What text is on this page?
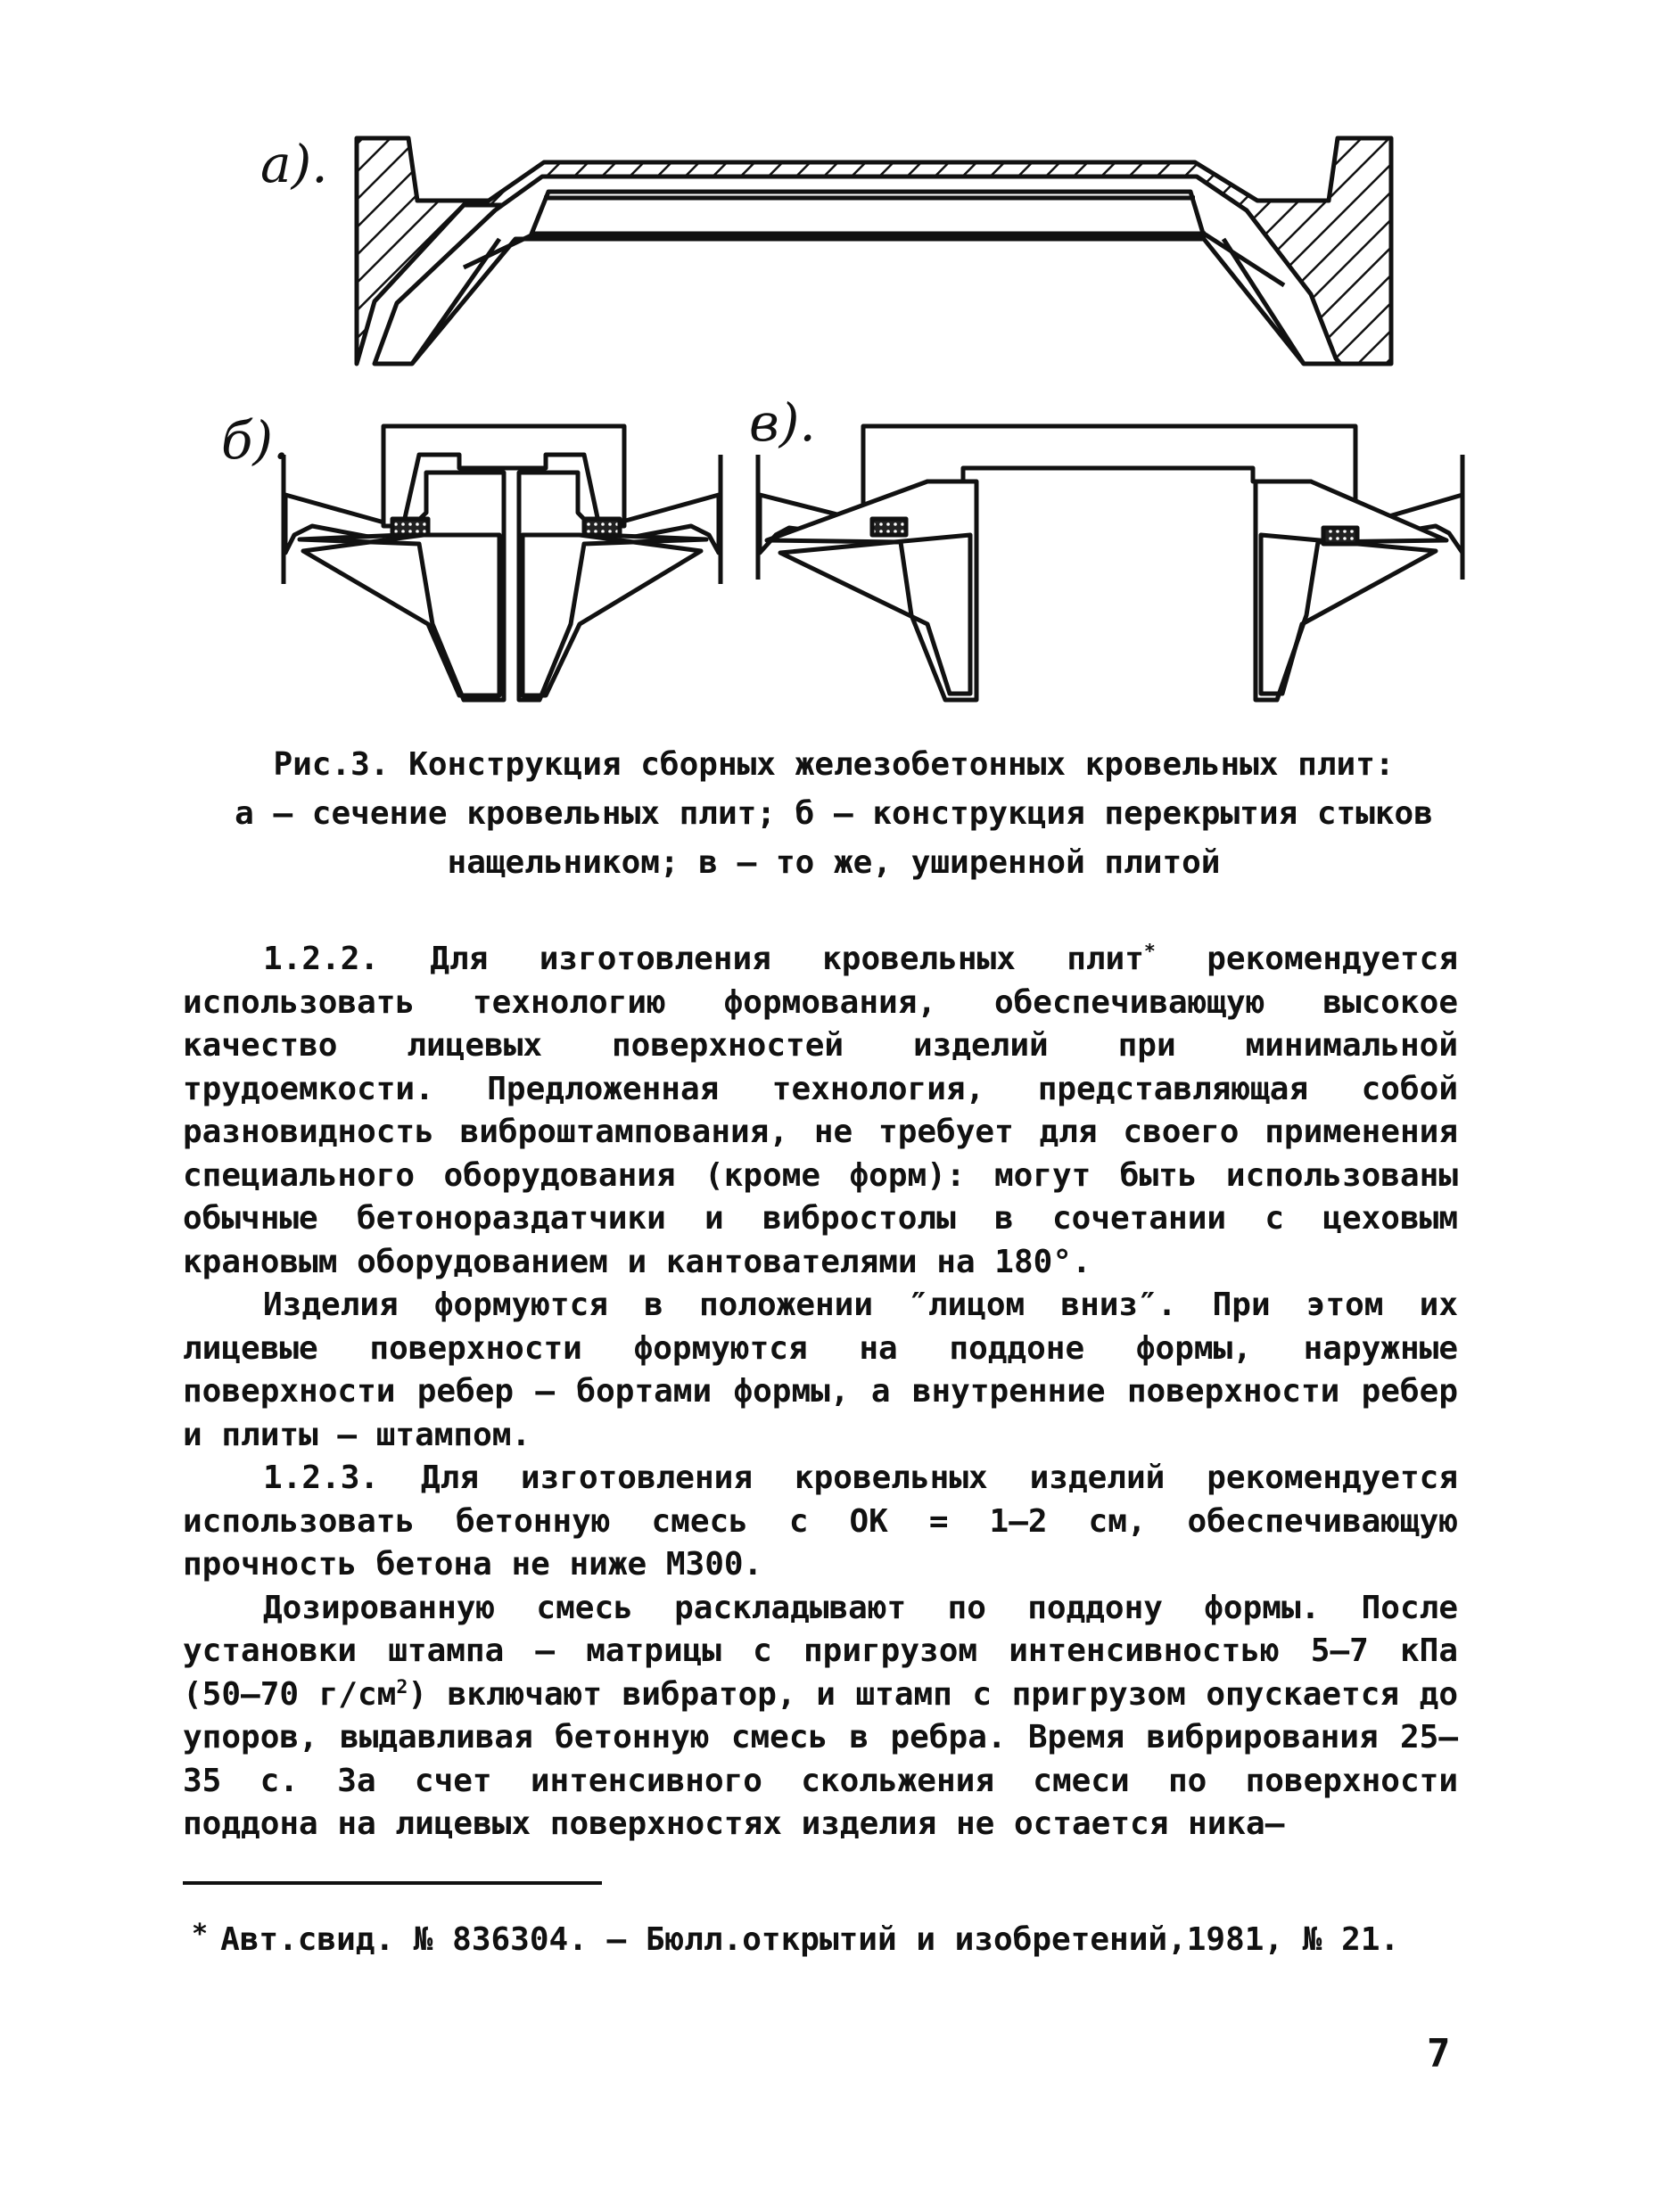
а).
б).	в).
Рис.3. Конструкция сборных железобетонных кровельных плит:
а – сечение кровельных плит; б – конструкция перекрытия стыков
нащельником; в – то же, уширенной плитой

1.2.2. Для изготовления кровельных плит* рекомендуется использовать технологию формования, обеспечивающую высокое качество лицевых поверхностей изделий при минимальной трудоемкости. Предложенная технология, представляющая собой разновидность виброштампования, не требует для своего применения специального оборудования (кроме форм): могут быть использованы обычные бетонораздатчики и вибростолы в сочетании с цеховым крановым оборудованием и кантователями на 180°.

Изделия формуются в положении ″лицом вниз″. При этом их лицевые поверхности формуются на поддоне формы, наружные поверхности ребер – бортами формы, а внутренние поверхности ребер и плиты – штампом.

1.2.3. Для изготовления кровельных изделий рекомендуется использовать бетонную смесь с ОК = 1–2 см, обеспечивающую прочность бетона не ниже М300.

Дозированную смесь раскладывают по поддону формы. После установки штампа – матрицы с пригрузом интенсивностью 5–7 кПа (50–70 $г/см^2$) включают вибратор, и штамп с пригрузом опускается до упоров, выдавливая бетонную смесь в ребра. Время вибрирования 25–35 с. За счет интенсивного скольжения смеси по поверхности поддона на лицевых поверхностях изделия не остается ника–

* Авт.свид. № 836304. – Бюлл.открытий и изобретений,1981, № 21.
7
